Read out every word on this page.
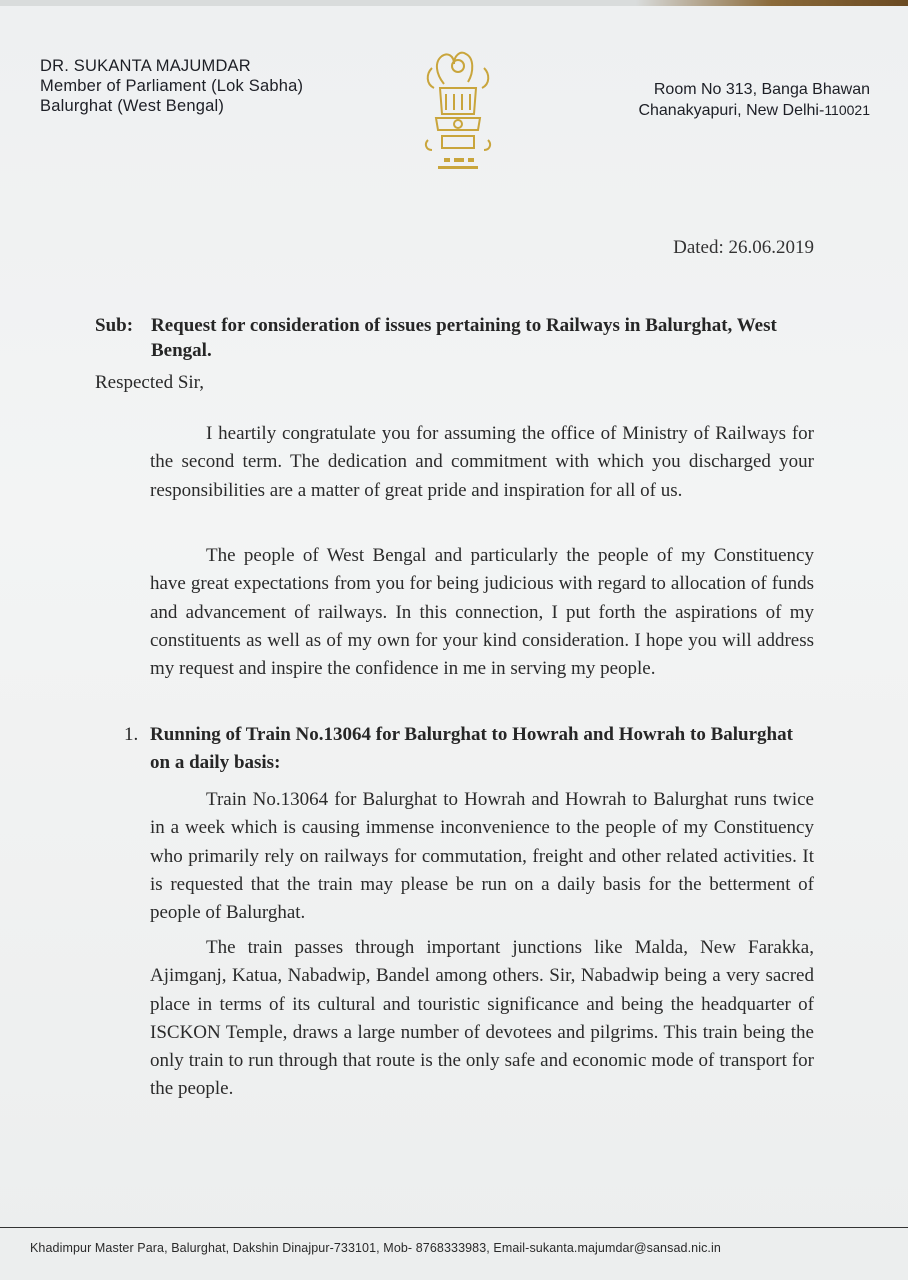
DR. SUKANTA MAJUMDAR
Member of Parliament (Lok Sabha)
Balurghat (West Bengal)
Room No 313, Banga Bhawan
Chanakyapuri, New Delhi-110021
Dated: 26.06.2019
Sub: Request for consideration of issues pertaining to Railways in Balurghat, West Bengal.
Respected Sir,
I heartily congratulate you for assuming the office of Ministry of Railways for the second term. The dedication and commitment with which you discharged your responsibilities are a matter of great pride and inspiration for all of us.
The people of West Bengal and particularly the people of my Constituency have great expectations from you for being judicious with regard to allocation of funds and advancement of railways. In this connection, I put forth the aspirations of my constituents as well as of my own for your kind consideration. I hope you will address my request and inspire the confidence in me in serving my people.
1. Running of Train No.13064 for Balurghat to Howrah and Howrah to Balurghat on a daily basis:
Train No.13064 for Balurghat to Howrah and Howrah to Balurghat runs twice in a week which is causing immense inconvenience to the people of my Constituency who primarily rely on railways for commutation, freight and other related activities. It is requested that the train may please be run on a daily basis for the betterment of people of Balurghat.
The train passes through important junctions like Malda, New Farakka, Ajimganj, Katua, Nabadwip, Bandel among others. Sir, Nabadwip being a very sacred place in terms of its cultural and touristic significance and being the headquarter of ISCKON Temple, draws a large number of devotees and pilgrims. This train being the only train to run through that route is the only safe and economic mode of transport for the people.
Khadimpur Master Para, Balurghat, Dakshin Dinajpur-733101, Mob- 8768333983, Email-sukanta.majumdar@sansad.nic.in
